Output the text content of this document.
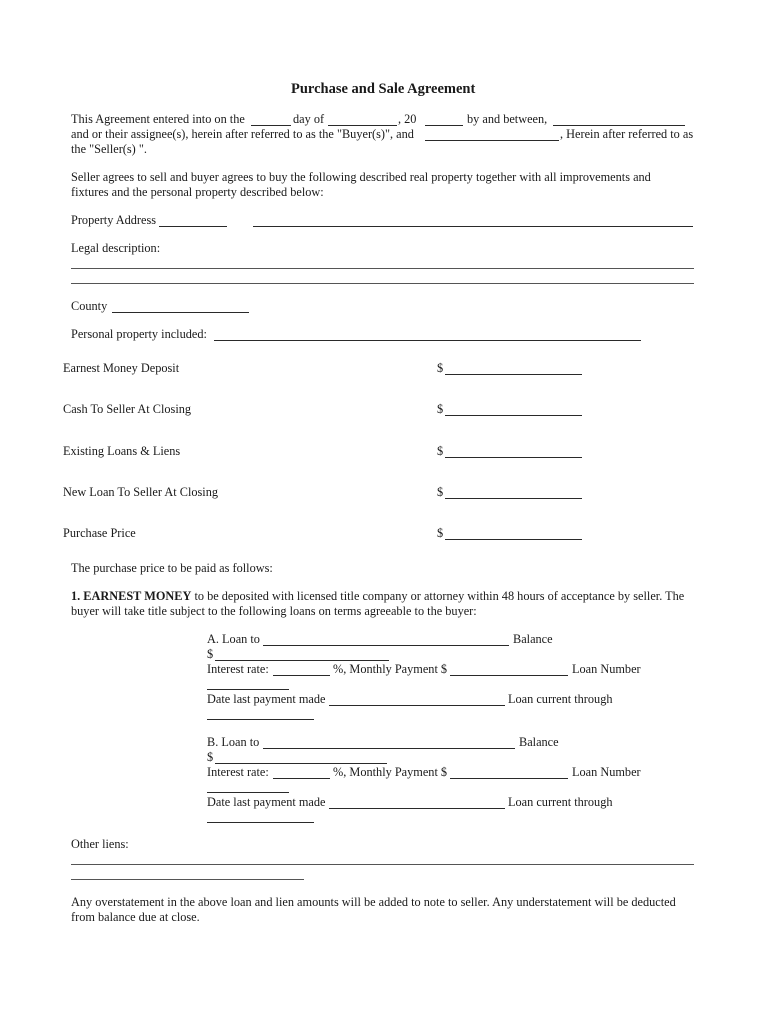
Purchase and Sale Agreement
This Agreement entered into on the	day of	, 20	by and between,
and or their assignee(s), herein after referred to as the "Buyer(s)", and	, Herein after referred to as
the "Seller(s) ".
Seller agrees to sell and buyer agrees to buy the following described real property together with all improvements and
fixtures and the personal property described below:
Property Address
Legal description:
County
Personal property included:
Earnest Money Deposit	$
Cash To Seller At Closing	$
Existing Loans & Liens	$
New Loan To Seller At Closing	$
Purchase Price	$
The purchase price to be paid as follows:
1. EARNEST MONEY to be deposited with licensed title company or attorney within 48 hours of acceptance by seller. The
buyer will take title subject to the following loans on terms agreeable to the buyer:
A. Loan to	Balance
$
Interest rate:	%, Monthly Payment $	Loan Number
Date last payment made	Loan current through
B. Loan to	Balance
$
Interest rate:	%, Monthly Payment $	Loan Number
Date last payment made	Loan current through
Other liens:
Any overstatement in the above loan and lien amounts will be added to note to seller. Any understatement will be deducted
from balance due at close.
